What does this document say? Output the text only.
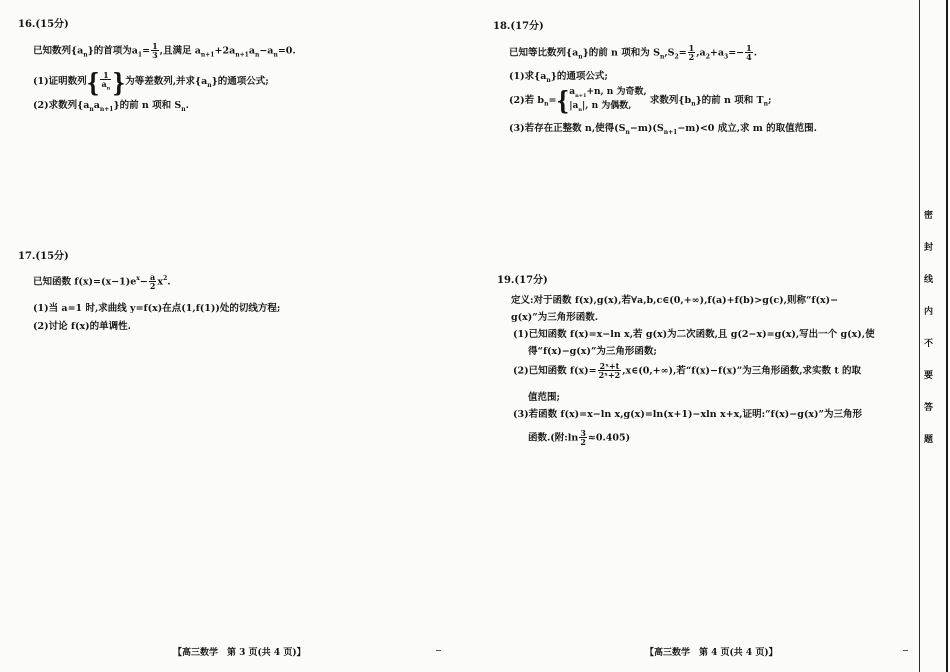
16.(15分)
已知数列$\{a_n\}$的首项为$a_1= \frac{1}{3}$ ,且满足 $a_{n+1}+2a_{n+1}a_n-a_n=0$.
(1)证明数列{ $\frac{1}{a_n}$ }为等差数列,并求$\{a_n\}$的通项公式;
(2)求数列$\{a_na_{n+1}\}$的前 n 项和 $S_n$.
17.(15分)
已知函数 $f(x)=(x-1)e^x- \frac{a}{2} x^2$.
(1)当 a=1 时,求曲线 y=f(x)在点(1,f(1))处的切线方程;
(2)讨论 f(x)的单调性.
18.(17分)
已知等比数列$\{a_n\}$的前 n 项和为 $S_n,S_2= \frac{1}{2} ,a_2+a_3=- \frac{1}{4}$ .
(1)求$\{a_n\}$的通项公式;
(2)若 $b_n=${ $a_{n+1}+n$, n 为奇数,
$|a_n|$, n 为偶数,
求数列$\{b_n\}$的前 n 项和 $T_n$;
(3)若存在正整数 n,使得$(S_n-m)(S_{n+1}-m)<0$ 成立,求 m 的取值范围.
19.(17分)
定义:对于函数 f(x),g(x),若∀a,b,c∈(0,+∞),f(a)+f(b)>g(c),则称“f(x)−
g(x)”为三角形函数.
(1)已知函数 f(x)=x−ln x,若 g(x)为二次函数,且 g(2−x)=g(x),写出一个 g(x),使
得“f(x)−g(x)”为三角形函数;
(2)已知函数 $f(x)= \frac{\text{2ˣ+t}}{\text{2ˣ+2}}$ ,x∈(0,+∞),若“f(x)−f(x)”为三角形函数,求实数 t 的取
值范围;
(3)若函数 f(x)=x−ln x,g(x)=ln(x+1)−xln x+x,证明:“f(x)−g(x)”为三角形
函数.(附:ln $\frac{3}{2} \approx 0.405$)
【高三数学　第 3 页(共 4 页)】	【高三数学　第 4 页(共 4 页)】
密
封
线
内
不
要
答
题
